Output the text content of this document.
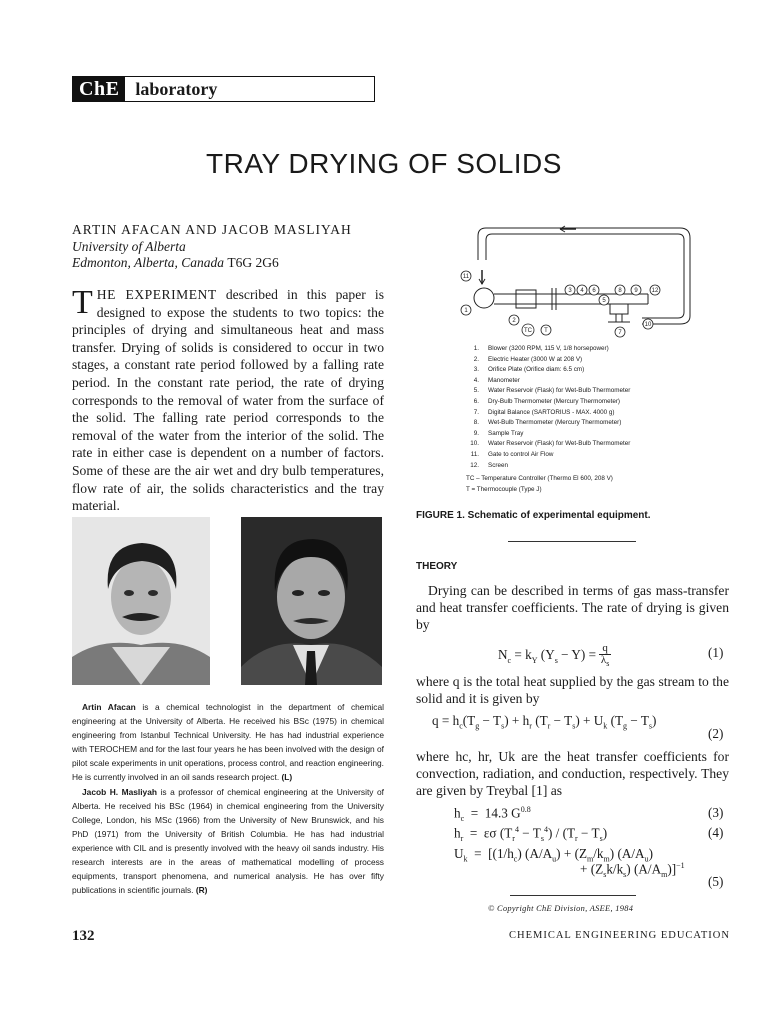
ChE laboratory
TRAY DRYING OF SOLIDS
ARTIN AFACAN AND JACOB MASLIYAH
University of Alberta
Edmonton, Alberta, Canada T6G 2G6
THE EXPERIMENT described in this paper is designed to expose the students to two topics: the principles of drying and simultaneous heat and mass transfer. Drying of solids is considered to occur in two stages, a constant rate period followed by a falling rate period. In the constant rate period, the rate of drying corresponds to the removal of water from the surface of the solid. The falling rate period corresponds to the removal of the water from the interior of the solid. The rate in either case is dependent on a number of factors. Some of these are the air wet and dry bulb temperatures, flow rate of air, the solids characteristics and the tray material.

Artin Afacan is a chemical technologist in the department of chemical engineering at the University of Alberta. He received his BSc (1975) in chemical engineering from Istanbul Technical University. He has had industrial experience with TEROCHEM and for the last four years he has been involved with the design of pilot scale experiments in unit operations, process control, and reaction engineering. He is currently involved in an oil sands research project. (L)

Jacob H. Masliyah is a professor of chemical engineering at the University of Alberta. He received his BSc (1964) in chemical engineering from the University College, London, his MSc (1966) from the University of New Brunswick, and his PhD (1971) from the University of British Columbia. He has had industrial experience with CIL and is presently involved with the heavy oil sands industry. His research interests are in the areas of mathematical modelling of process equipments, transport phenomena, and numerical analysis. He has over fifty publications in scientific journals. (R)

132
11
1
3 4 6
5
12
2
7
8 9
10
TC T
1.	Blower (3200 RPM, 115 V, 1/8 horsepower)
2.	Electric Heater (3000 W at 208 V)
3.	Orifice Plate (Orifice diam: 6.5 cm)
4.	Manometer
5.	Water Reservoir (Flask) for Wet-Bulb Thermometer
6.	Dry-Bulb Thermometer (Mercury Thermometer)
7.	Digital Balance (SARTORIUS - MAX. 4000 g)
8.	Wet-Bulb Thermometer (Mercury Thermometer)
9.	Sample Tray
10.	Water Reservoir (Flask) for Wet-Bulb Thermometer
11.	Gate to control Air Flow
12.	Screen
TC – Temperature Controller (Thermo El 600, 208 V)
T = Thermocouple (Type J)
FIGURE 1. Schematic of experimental equipment.
THEORY
Drying can be described in terms of gas mass-transfer and heat transfer coefficients. The rate of drying is given by
$N_c = k_Y$ $(Y_s - Y) = \frac{q}{\lambda_s}$	(1)
where q is the total heat supplied by the gas stream to the solid and it is given by
$q = h_c(T_g - T_s) + h_r$ $(T_r - T_s) + U_k$ $(T_g - T_s)$
(2)
where hc, hr, Uk are the heat transfer coefficients for convection, radiation, and conduction, respectively. They are given by Treybal [1] as
$h_c = 14.3$ $G^{0.8}$	(3)
$h_r = \varepsilon\sigma$ $(T_r^4 - T_s^4) / (T_r - T_s)$	(4)
$U_k = [(1/h_c) (A/A_u) + (Z_m/k_m)$ $(A/A_u)$
+ $(Z_sk/k_s)$ $(A/A_m)]^{-1}$
(5)
© Copyright ChE Division, ASEE, 1984
CHEMICAL ENGINEERING EDUCATION
